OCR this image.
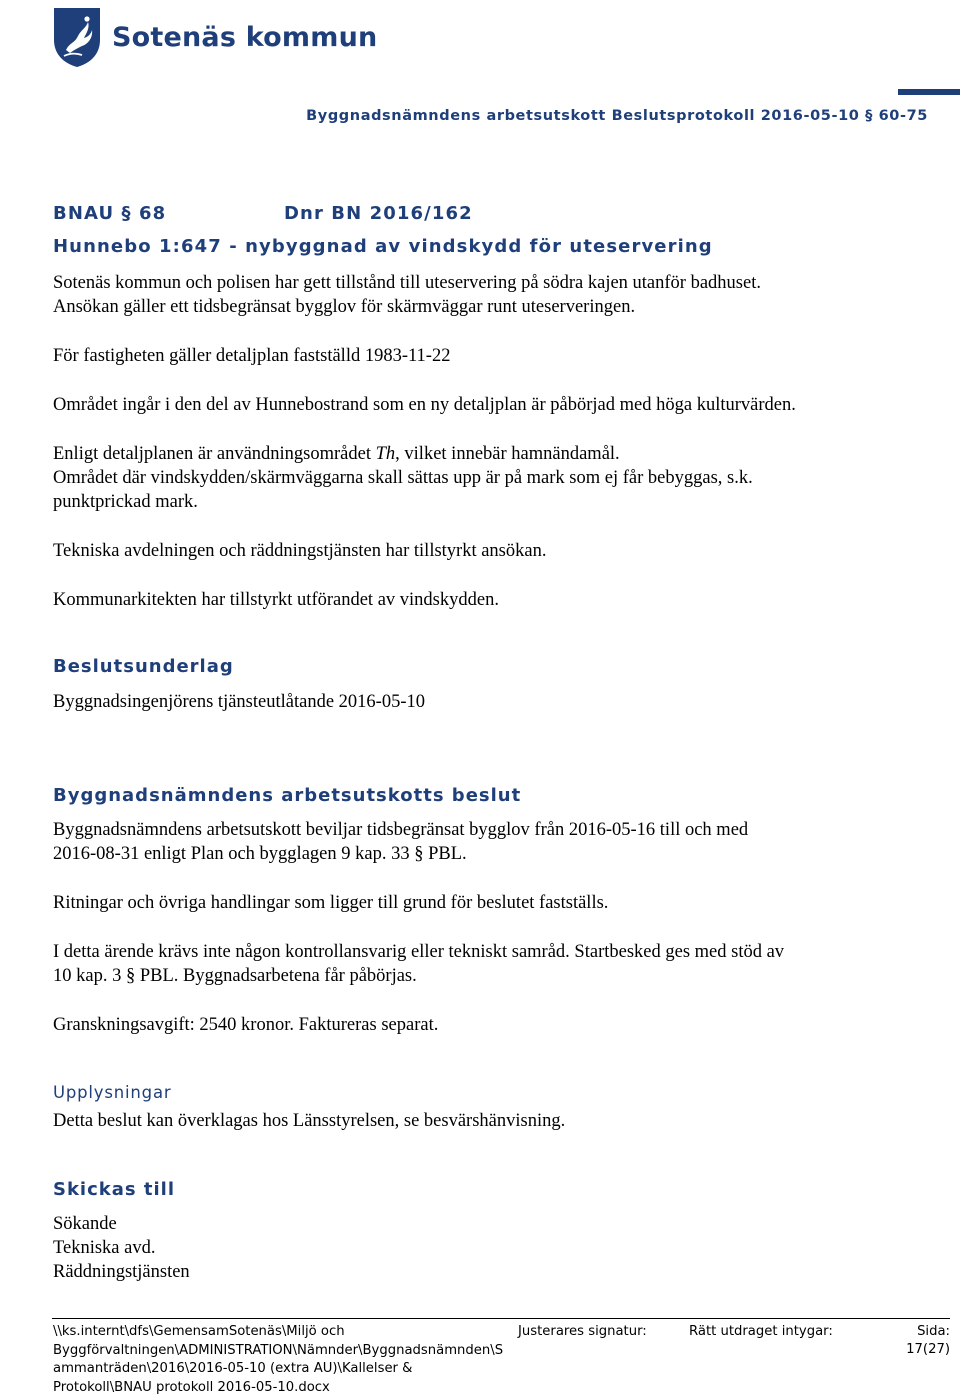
Sotenäs kommun
Byggnadsnämndens arbetsutskott Beslutsprotokoll 2016-05-10 § 60-75
BNAU § 68	Dnr BN 2016/162
Hunnebo 1:647 - nybyggnad av vindskydd för uteservering
Sotenäs kommun och polisen har gett tillstånd till uteservering på södra kajen utanför badhuset.
Ansökan gäller ett tidsbegränsat bygglov för skärmväggar runt uteserveringen.
För fastigheten gäller detaljplan fastställd 1983-11-22
Området ingår i den del av Hunnebostrand som en ny detaljplan är påbörjad med höga kulturvärden.
Enligt detaljplanen är användningsområdet Th, vilket innebär hamnändamål.
Området där vindskydden/skärmväggarna skall sättas upp är på mark som ej får bebyggas, s.k.
punktprickad mark.
Tekniska avdelningen och räddningstjänsten har tillstyrkt ansökan.
Kommunarkitekten har tillstyrkt utförandet av vindskydden.
Beslutsunderlag
Byggnadsingenjörens tjänsteutlåtande 2016-05-10
Byggnadsnämndens arbetsutskotts beslut
Byggnadsnämndens arbetsutskott beviljar tidsbegränsat bygglov från 2016-05-16 till och med
2016-08-31 enligt Plan och bygglagen 9 kap. 33 § PBL.
Ritningar och övriga handlingar som ligger till grund för beslutet fastställs.
I detta ärende krävs inte någon kontrollansvarig eller tekniskt samråd. Startbesked ges med stöd av
10 kap. 3 § PBL. Byggnadsarbetena får påbörjas.
Granskningsavgift: 2540 kronor. Faktureras separat.
Upplysningar
Detta beslut kan överklagas hos Länsstyrelsen, se besvärshänvisning.
Skickas till
Sökande
Tekniska avd.
Räddningstjänsten
\\ks.internt\dfs\GemensamSotenäs\Miljö och
Byggförvaltningen\ADMINISTRATION\Nämnder\Byggnadsnämnden\S
ammanträden\2016\2016-05-10 (extra AU)\Kallelser &
Protokoll\BNAU protokoll 2016-05-10.docx
Justerares signatur:	Rätt utdraget intygar:	Sida:
17(27)
